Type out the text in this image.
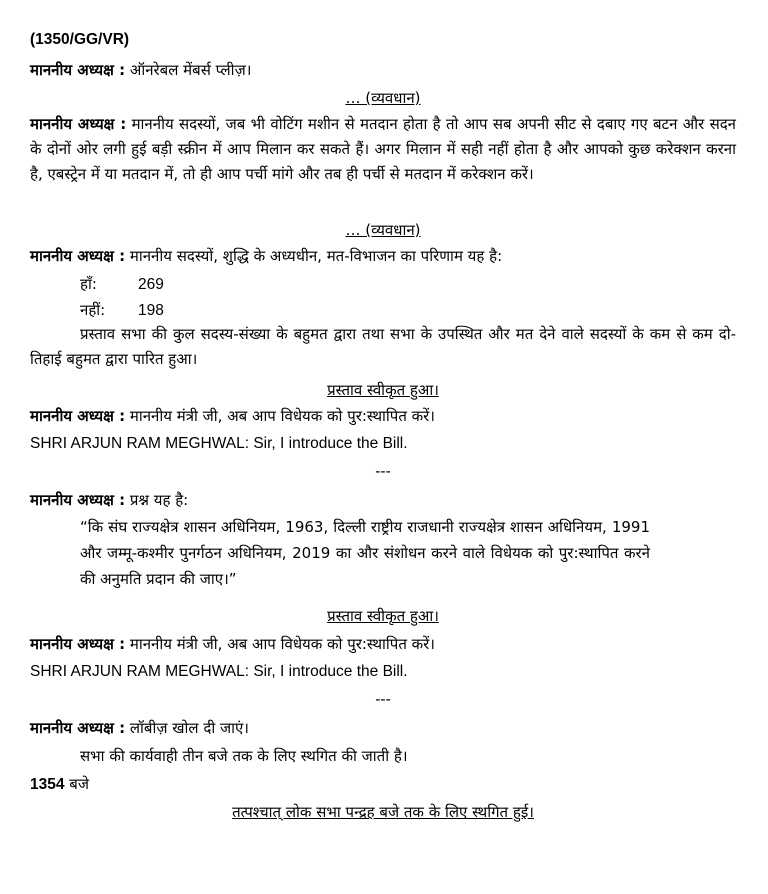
(1350/GG/VR)
माननीय अध्यक्ष : ऑनरेबल मेंबर्स प्लीज़।
… (व्यवधान)
माननीय अध्यक्ष : माननीय सदस्यों, जब भी वोटिंग मशीन से मतदान होता है तो आप सब अपनी सीट से दबाए गए बटन और सदन के दोनों ओर लगी हुई बड़ी स्क्रीन में आप मिलान कर सकते हैं। अगर मिलान में सही नहीं होता है और आपको कुछ करेक्शन करना है, एबस्ट्रेन में या मतदान में, तो ही आप पर्ची मांगे और तब ही पर्ची से मतदान में करेक्शन करें।
… (व्यवधान)
माननीय अध्यक्ष : माननीय सदस्यों, शुद्धि के अध्यधीन, मत-विभाजन का परिणाम यह है:
हाँ:	269
नहीं: 198
प्रस्ताव सभा की कुल सदस्य-संख्या के बहुमत द्वारा तथा सभा के उपस्थित और मत देने वाले सदस्यों के कम से कम दो-तिहाई बहुमत द्वारा पारित हुआ।
प्रस्ताव स्वीकृत हुआ।
माननीय अध्यक्ष : माननीय मंत्री जी, अब आप विधेयक को पुर:स्थापित करें।
SHRI ARJUN RAM MEGHWAL: Sir, I introduce the Bill.
---
माननीय अध्यक्ष : प्रश्न यह है:
“कि संघ राज्यक्षेत्र शासन अधिनियम, 1963, दिल्ली राष्ट्रीय राजधानी राज्यक्षेत्र शासन अधिनियम, 1991 और जम्मू-कश्मीर पुनर्गठन अधिनियम, 2019 का और संशोधन करने वाले विधेयक को पुर:स्थापित करने की अनुमति प्रदान की जाए।”
प्रस्ताव स्वीकृत हुआ।
माननीय अध्यक्ष : माननीय मंत्री जी, अब आप विधेयक को पुर:स्थापित करें।
SHRI ARJUN RAM MEGHWAL: Sir, I introduce the Bill.
---
माननीय अध्यक्ष : लॉबीज़ खोल दी जाएं।
सभा की कार्यवाही तीन बजे तक के लिए स्थगित की जाती है।
1354 बजे
तत्पश्चात् लोक सभा पन्द्रह बजे तक के लिए स्थगित हुई।
